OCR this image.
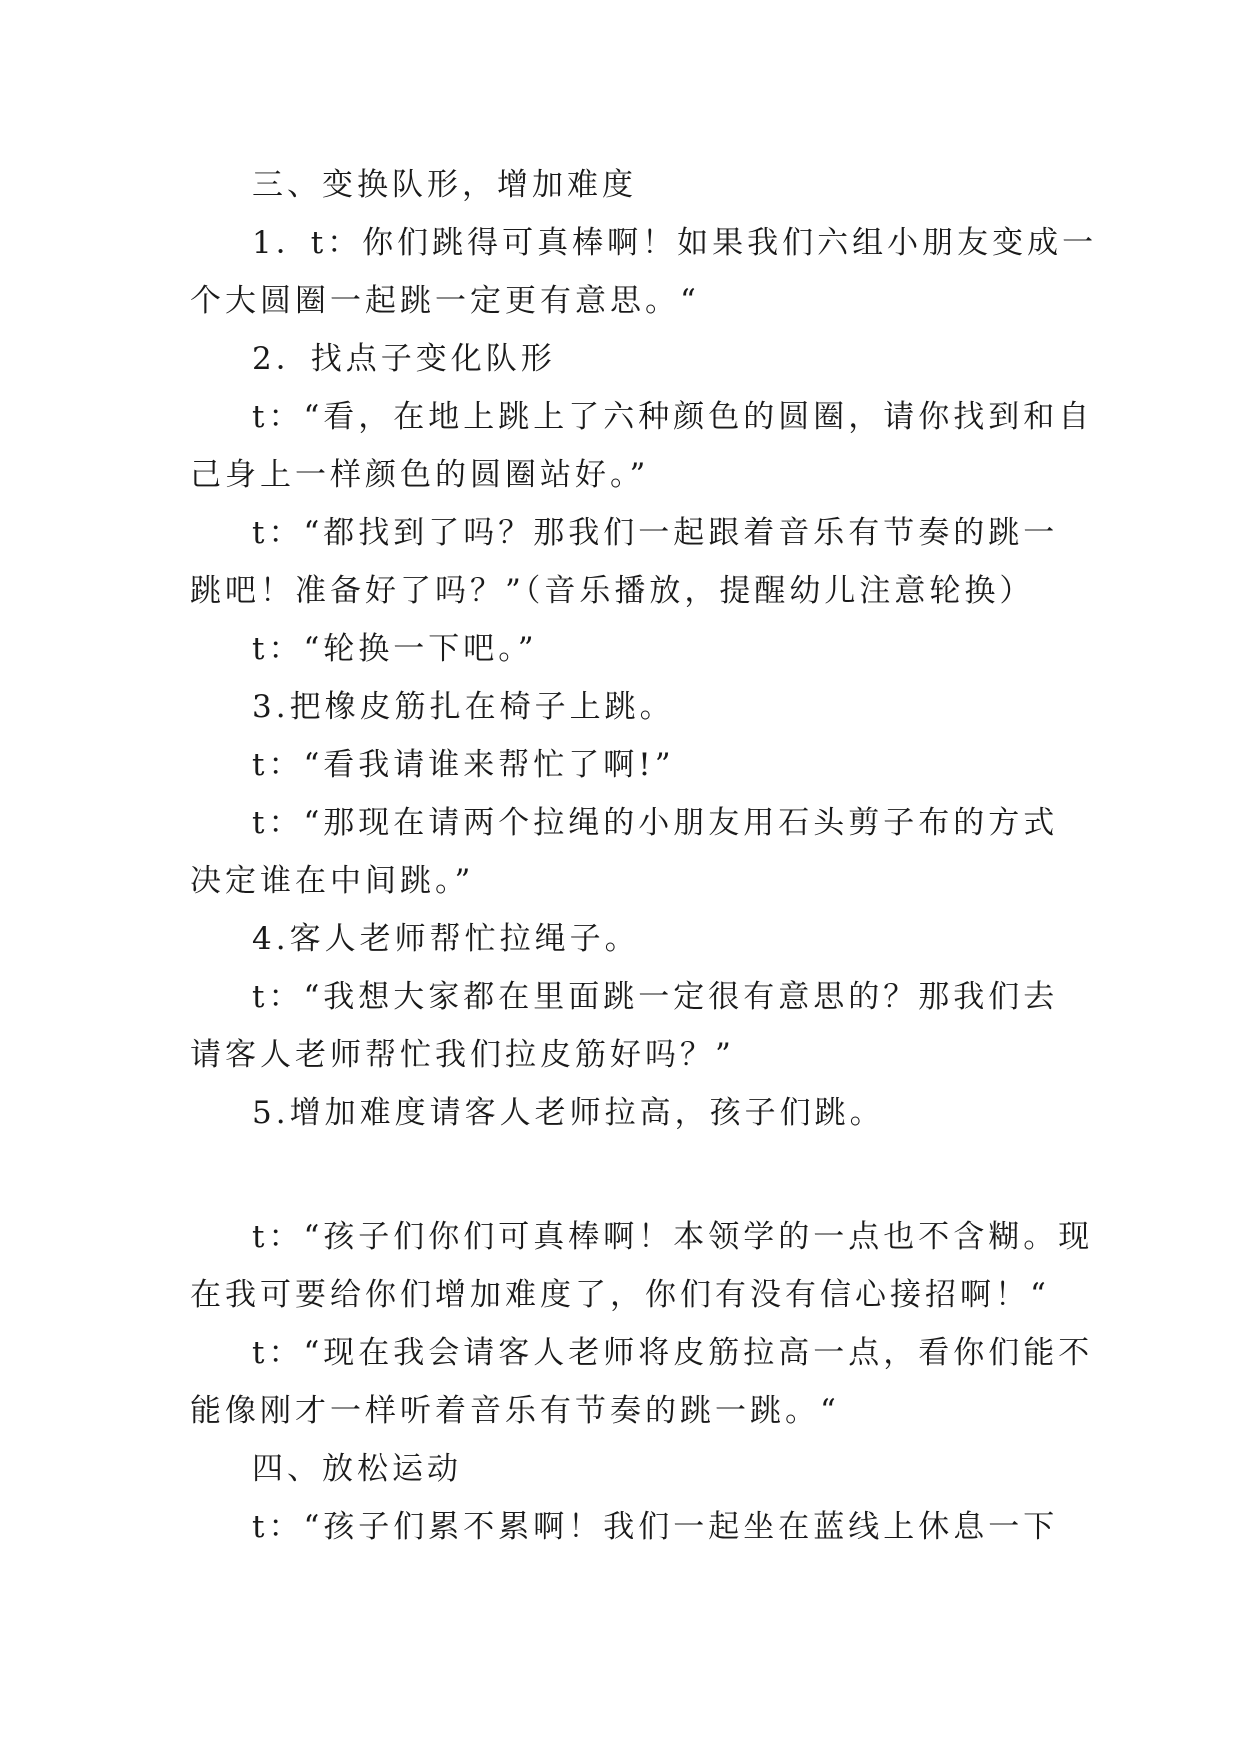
三、变换队形，增加难度
1．t：你们跳得可真棒啊！如果我们六组小朋友变成一
个大圆圈一起跳一定更有意思。“
2．找点子变化队形
t：“看，在地上跳上了六种颜色的圆圈，请你找到和自
己身上一样颜色的圆圈站好。”
t：“都找到了吗？那我们一起跟着音乐有节奏的跳一
跳吧！准备好了吗？”（音乐播放，提醒幼儿注意轮换）
t：“轮换一下吧。”
3.把橡皮筋扎在椅子上跳。
t：“看我请谁来帮忙了啊!”
t：“那现在请两个拉绳的小朋友用石头剪子布的方式
决定谁在中间跳。”
4.客人老师帮忙拉绳子。
t：“我想大家都在里面跳一定很有意思的？那我们去
请客人老师帮忙我们拉皮筋好吗？”
5.增加难度请客人老师拉高，孩子们跳。
t：“孩子们你们可真棒啊！本领学的一点也不含糊。现
在我可要给你们增加难度了，你们有没有信心接招啊！“
t：“现在我会请客人老师将皮筋拉高一点，看你们能不
能像刚才一样听着音乐有节奏的跳一跳。“
四、放松运动
t：“孩子们累不累啊！我们一起坐在蓝线上休息一下
